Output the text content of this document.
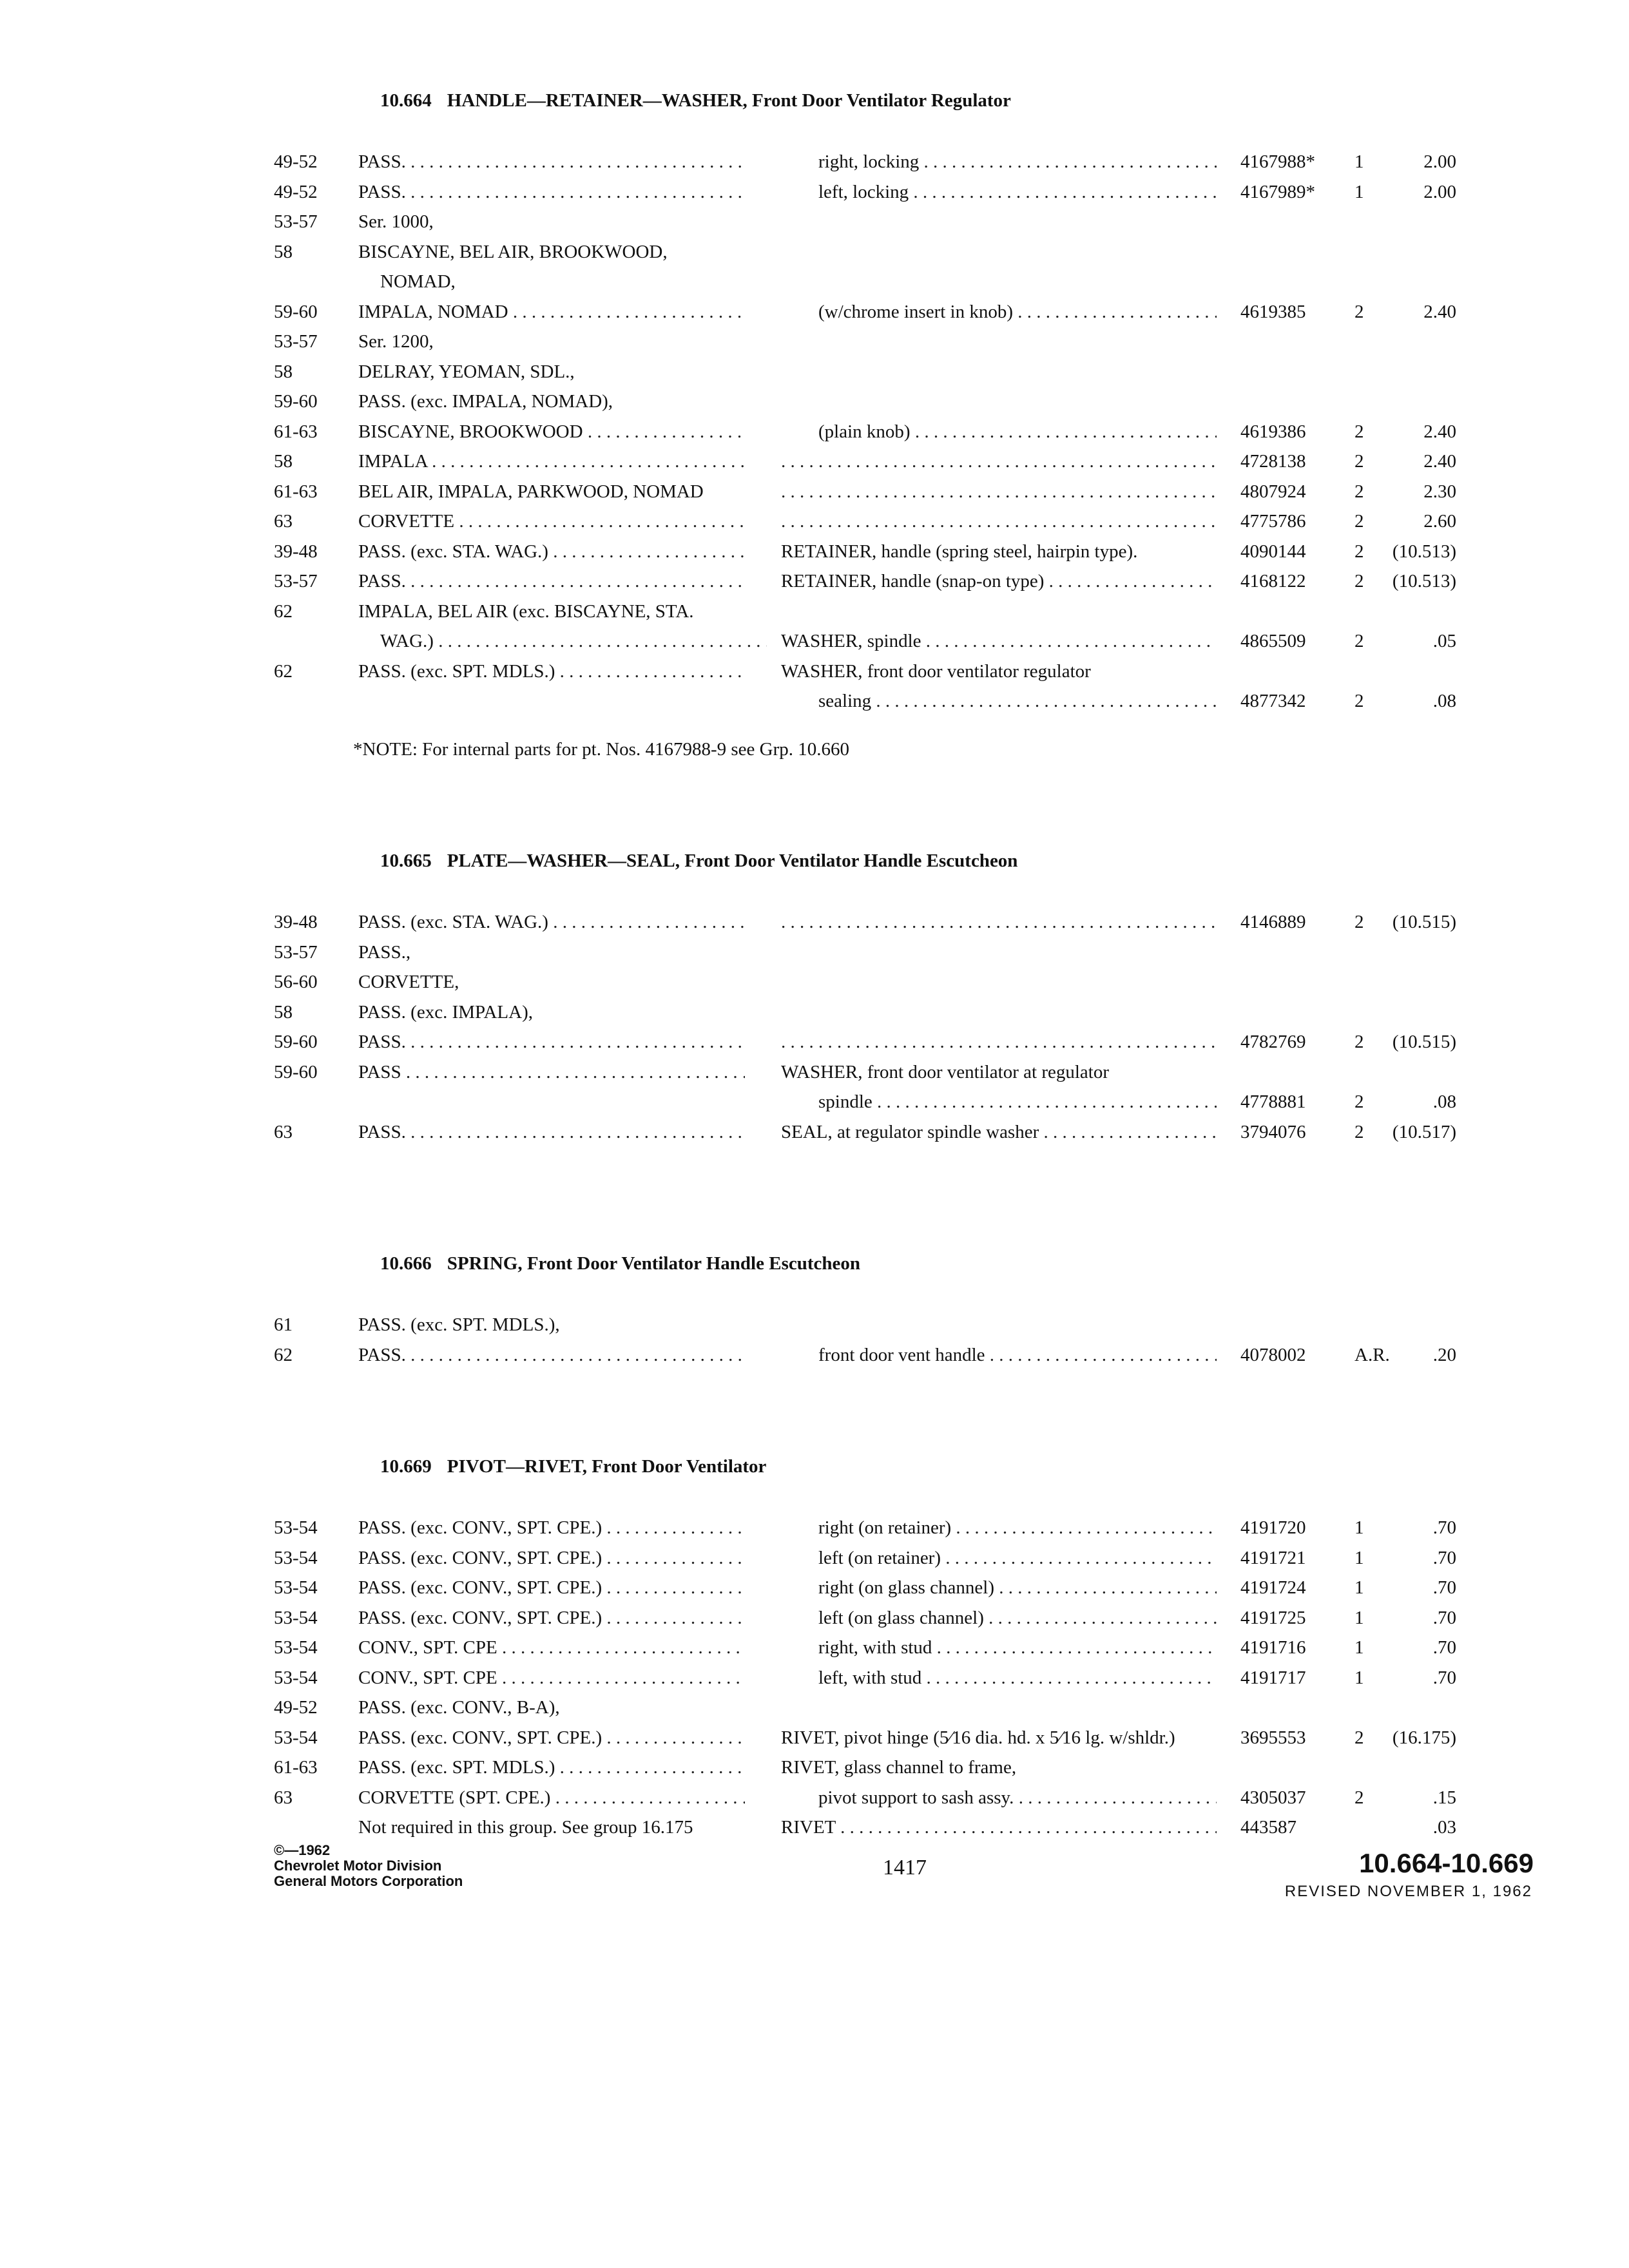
10.664 HANDLE—RETAINER—WASHER, Front Door Ventilator Regulator
49-52 PASS. . . .	right, locking . . .	4167988* 1	2.00
49-52 PASS. . . .	left, locking . . .	4167989* 1	2.00
53-57 Ser. 1000,
58	BISCAYNE, BEL AIR, BROOKWOOD,
NOMAD,
59-60 IMPALA, NOMAD . . .	(w/chrome insert in knob) . . .	4619385	2	2.40
53-57 Ser. 1200,
58	DELRAY, YEOMAN, SDL.,
59-60 PASS. (exc. IMPALA, NOMAD),
61-63 BISCAYNE, BROOKWOOD . . .	(plain knob) . . .	4619386	2	2.40
58	IMPALA . . . . . .	4728138	2	2.40
61-63 BEL AIR, IMPALA, PARKWOOD, NOMAD . . .	4807924	2	2.30
63	CORVETTE . . . . . .	4775786	2	2.60
39-48 PASS. (exc. STA. WAG.) . . .	RETAINER, handle (spring steel, hairpin type).	4090144	2 (10.513)
53-57 PASS. . . .	RETAINER, handle (snap-on type) . . .	4168122	2 (10.513)
62	IMPALA, BEL AIR (exc. BISCAYNE, STA.
WAG.) . . .	WASHER, spindle . . .	4865509	2	.05
62	PASS. (exc. SPT. MDLS.) . . .	WASHER, front door ventilator regulator
sealing . . .	4877342	2	.08
*NOTE: For internal parts for pt. Nos. 4167988-9 see Grp. 10.660
10.665 PLATE—WASHER—SEAL, Front Door Ventilator Handle Escutcheon
39-48 PASS. (exc. STA. WAG.) . . . . . .	4146889	2 (10.515)
53-57 PASS.,
56-60 CORVETTE,
58	PASS. (exc. IMPALA),
59-60 PASS. . . . . . .	4782769	2 (10.515)
59-60 PASS . . .	WASHER, front door ventilator at regulator
spindle . . .	4778881	2	.08
63	PASS. . . .	SEAL, at regulator spindle washer . . .	3794076	2 (10.517)
10.666 SPRING, Front Door Ventilator Handle Escutcheon
61	PASS. (exc. SPT. MDLS.),
62	PASS. . . .	front door vent handle . . .	4078002	A.R. .20
10.669 PIVOT—RIVET, Front Door Ventilator
53-54 PASS. (exc. CONV., SPT. CPE.) . . .	right (on retainer) . . .	4191720	1	.70
53-54 PASS. (exc. CONV., SPT. CPE.) . . .	left (on retainer) . . .	4191721	1	.70
53-54 PASS. (exc. CONV., SPT. CPE.) . . .	right (on glass channel) . . .	4191724	1	.70
53-54 PASS. (exc. CONV., SPT. CPE.) . . .	left (on glass channel) . . .	4191725	1	.70
53-54 CONV., SPT. CPE . . .	right, with stud . . .	4191716	1	.70
53-54 CONV., SPT. CPE . . .	left, with stud . . .	4191717	1	.70
49-52 PASS. (exc. CONV., B-A),
53-54 PASS. (exc. CONV., SPT. CPE.) . . .	RIVET, pivot hinge (5⁄16 dia. hd. x 5⁄16 lg. w/shldr.)	3695553	2 (16.175)
61-63 PASS. (exc. SPT. MDLS.) . . .	RIVET, glass channel to frame,
63	CORVETTE (SPT. CPE.) . . .	pivot support to sash assy. . . .	4305037	2	.15
Not required in this group. See group 16.175	RIVET . . .	443587	.03
©—1962
Chevrolet Motor Division
General Motors Corporation
1417	10.664-10.669
REVISED NOVEMBER 1, 1962
